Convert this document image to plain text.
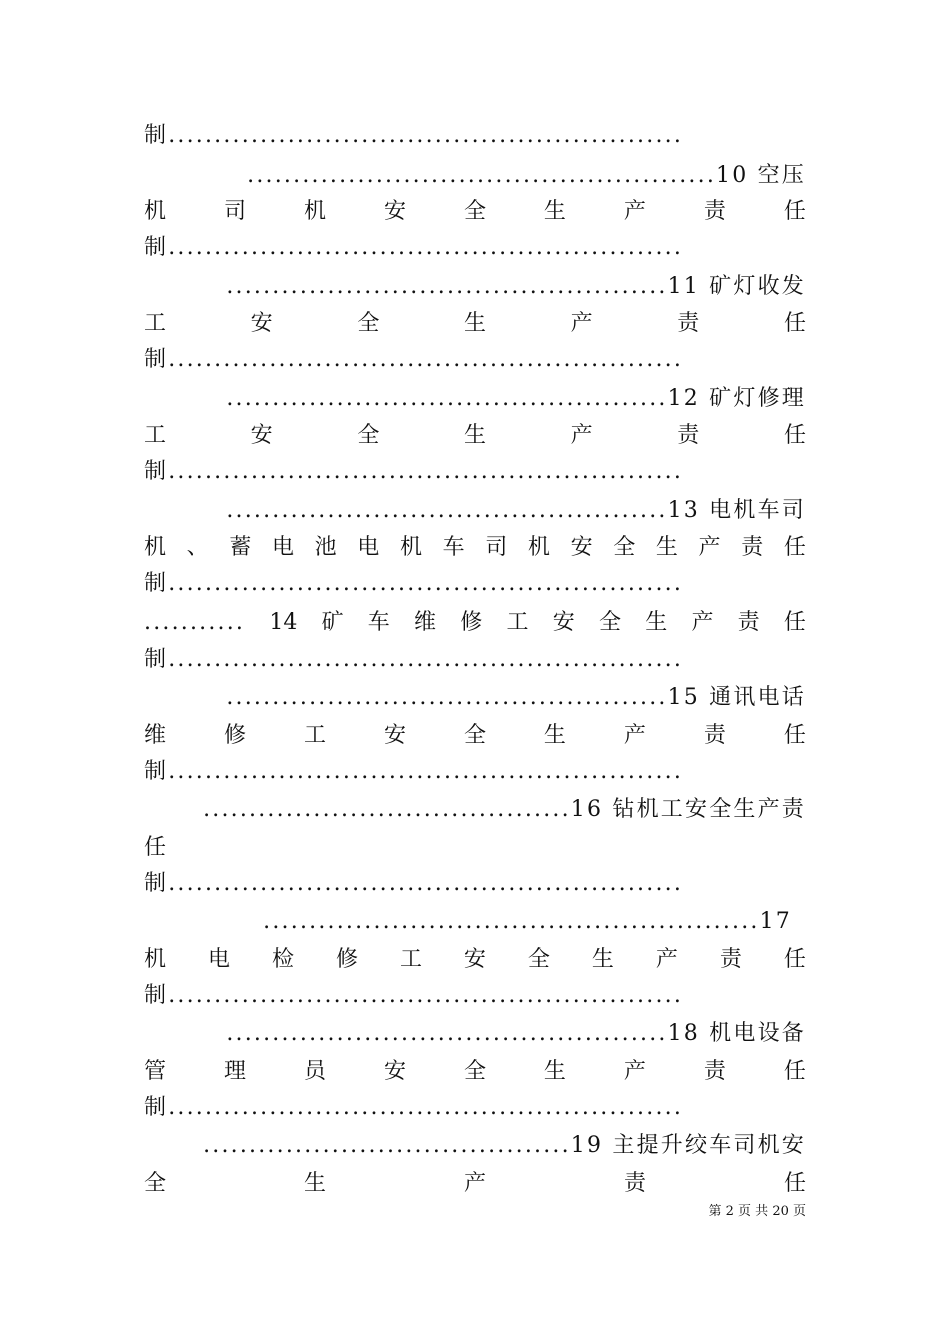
制........................................................
...................................................10 空压
机	司	机	安	全	生	产	责	任
制........................................................
................................................11 矿灯收发
工	安	全	生	产	责	任
制........................................................
................................................12 矿灯修理
工	安	全	生	产	责	任
制........................................................
................................................13 电机车司
机 、 蓄 电 池 电 机 车 司 机 安 全 生 产 责 任
制........................................................
........... 14 矿 车 维 修 工 安 全 生 产 责 任
制........................................................
................................................15 通讯电话
维	修	工	安	全	生	产	责	任
制........................................................
........................................16 钻机工安全生产责
任
制........................................................
......................................................17
机 电 检 修 工 安 全 生 产 责 任
制........................................................
................................................18 机电设备
管	理	员	安	全	生	产	责	任
制........................................................
........................................19 主提升绞车司机安
全	生	产	责	任
第 2 页 共 20 页
